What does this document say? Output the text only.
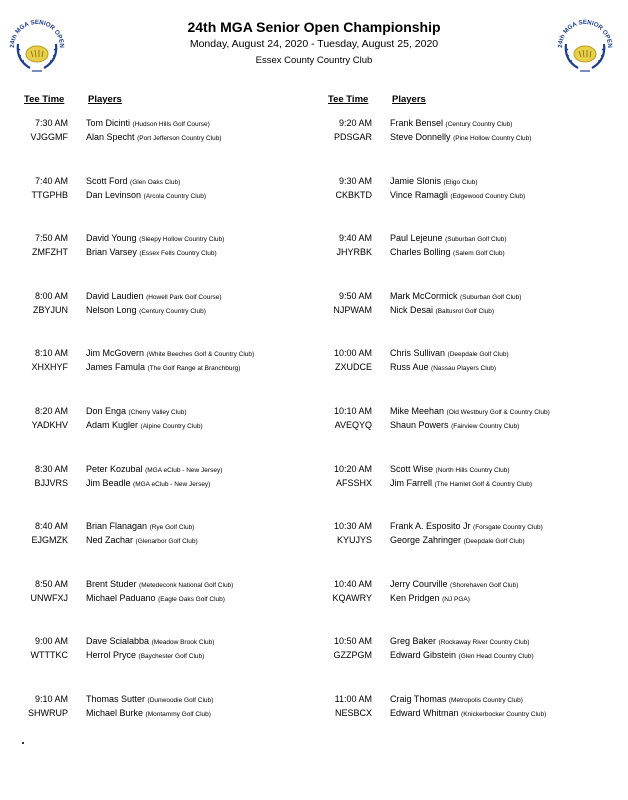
24th MGA SENIOR OPEN	24th MGA SENIOR OPEN
24th MGA Senior Open Championship
Monday, August 24, 2020 - Tuesday, August 25, 2020
Essex County Country Club
Tee Time Players
7:30 AM Tom Dicinti (Hudson Hills Golf Course)
VJGGMF Alan Specht (Port Jefferson Country Club)
7:40 AM Scott Ford (Glen Oaks Club)
TTGPHB Dan Levinson (Arcola Country Club)
7:50 AM David Young (Sleepy Hollow Country Club)
ZMFZHT Brian Varsey (Essex Fells Country Club)
8:00 AM David Laudien (Howell Park Golf Course)
ZBYJUN Nelson Long (Century Country Club)
8:10 AM Jim McGovern (White Beeches Golf & Country Club)
XHXHYF James Famula (The Golf Range at Branchburg)
8:20 AM Don Enga (Cherry Valley Club)
YADKHV Adam Kugler (Alpine Country Club)
8:30 AM Peter Kozubal (MGA eClub - New Jersey)
BJJVRS Jim Beadle (MGA eClub - New Jersey)
8:40 AM Brian Flanagan (Rye Golf Club)
EJGMZK Ned Zachar (Glenarbor Golf Club)
8:50 AM Brent Studer (Metedeconk National Golf Club)
UNWFXJ Michael Paduano (Eagle Oaks Golf Club)
9:00 AM Dave Scialabba (Meadow Brook Club)
WTTTKC Herrol Pryce (Baychester Golf Club)
9:10 AM Thomas Sutter (Dunwoodie Golf Club)
SHWRUP Michael Burke (Montammy Golf Club)
Tee Time Players
9:20 AM Frank Bensel (Century Country Club)
PDSGAR Steve Donnelly (Pine Hollow Country Club)
9:30 AM Jamie Slonis (Eligo Club)
CKBKTD Vince Ramagli (Edgewood Country Club)
9:40 AM Paul Lejeune (Suburban Golf Club)
JHYRBK Charles Bolling (Salem Golf Club)
9:50 AM Mark McCormick (Suburban Golf Club)
NJPWAM Nick Desai (Baltusrol Golf Club)
10:00 AM Chris Sullivan (Deepdale Golf Club)
ZXUDCE Russ Aue (Nassau Players Club)
10:10 AM Mike Meehan (Old Westbury Golf & Country Club)
AVEQYQ Shaun Powers (Fairview Country Club)
10:20 AM Scott Wise (North Hills Country Club)
AFSSHX Jim Farrell (The Hamlet Golf & Country Club)
10:30 AM Frank A. Esposito Jr (Forsgate Country Club)
KYUJYS George Zahringer (Deepdale Golf Club)
10:40 AM Jerry Courville (Shorehaven Golf Club)
KQAWRY Ken Pridgen (NJ PGA)
10:50 AM Greg Baker (Rockaway River Country Club)
GZZPGM Edward Gibstein (Glen Head Country Club)
11:00 AM Craig Thomas (Metropolis Country Club)
NESBCX Edward Whitman (Knickerbocker Country Club)
